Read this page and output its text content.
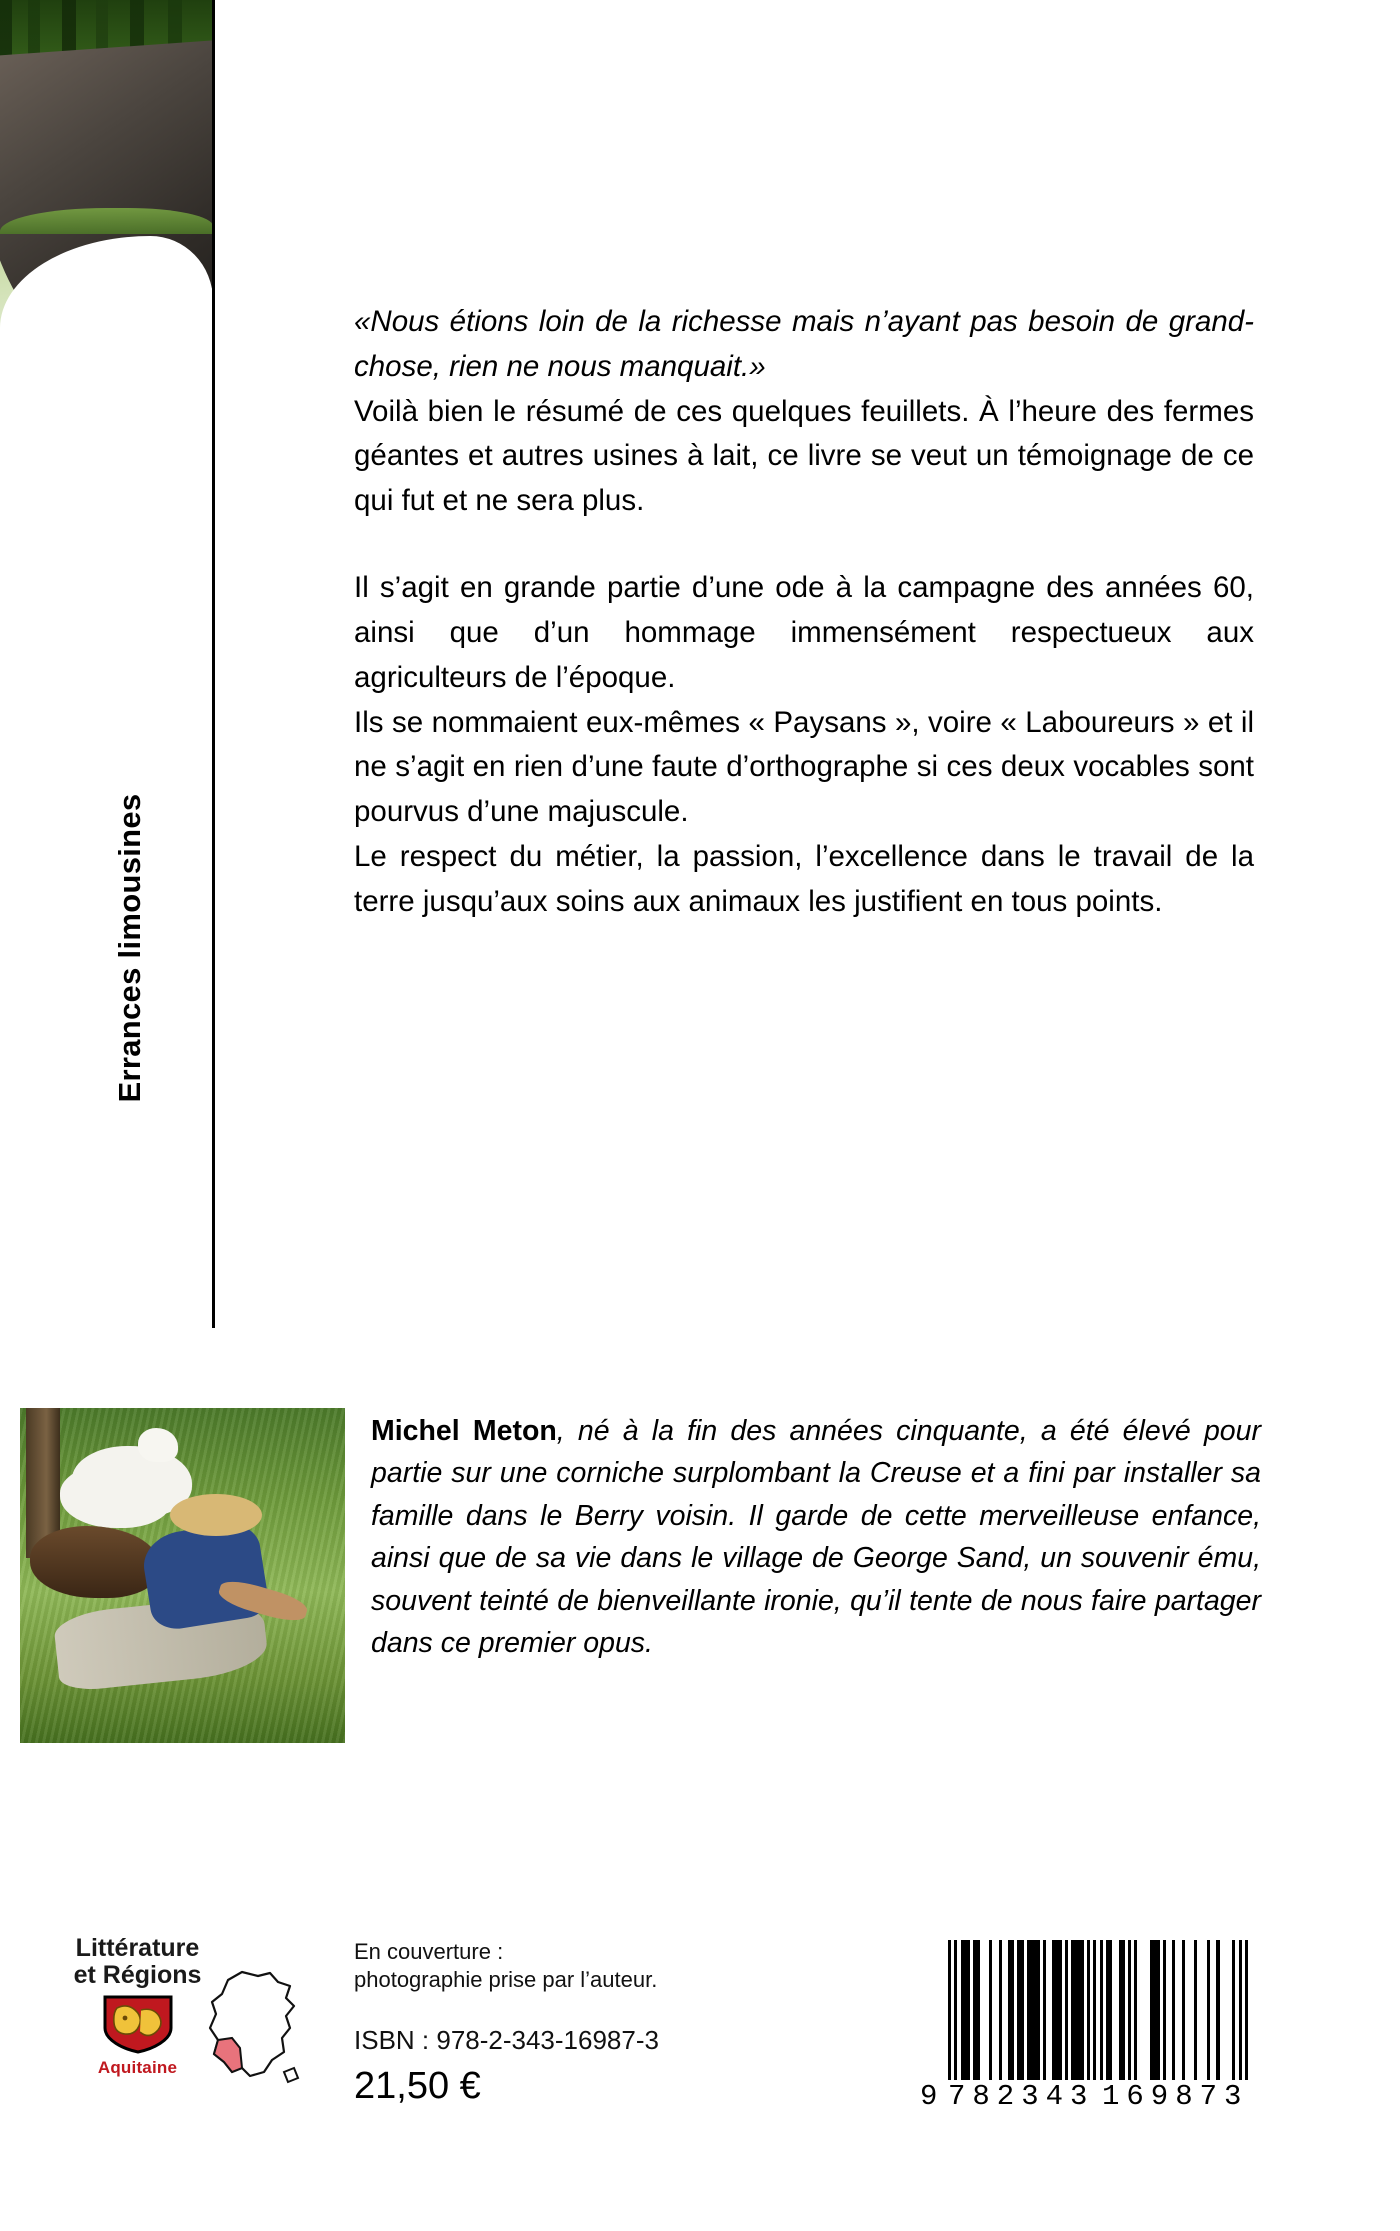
Errances limousines

«Nous étions loin de la richesse mais n’ayant pas besoin de grand-chose, rien ne nous manquait.»

Voilà bien le résumé de ces quelques feuillets. À l’heure des fermes géantes et autres usines à lait, ce livre se veut un témoignage de ce qui fut et ne sera plus.

Il s’agit en grande partie d’une ode à la campagne des années 60, ainsi que d’un hommage immensément respectueux aux agriculteurs de l’époque.

Ils se nommaient eux-mêmes « Paysans », voire « Laboureurs » et il ne s’agit en rien d’une faute d’orthographe si ces deux vocables sont pourvus d’une majuscule.

Le respect du métier, la passion, l’excellence dans le travail de la terre jusqu’aux soins aux animaux les justifient en tous points.

Michel Meton, né à la fin des années cinquante, a été élevé pour partie sur une corniche surplombant la Creuse et a fini par installer sa famille dans le Berry voisin. Il garde de cette merveilleuse enfance, ainsi que de sa vie dans le village de George Sand, un souvenir ému, souvent teinté de bienveillante ironie, qu’il tente de nous faire partager dans ce premier opus.
Littérature
et Régions
Aquitaine
En couverture :
photographie prise par l’auteur.
ISBN : 978-2-343-16987-3
21,50 €	9 782343 169873
